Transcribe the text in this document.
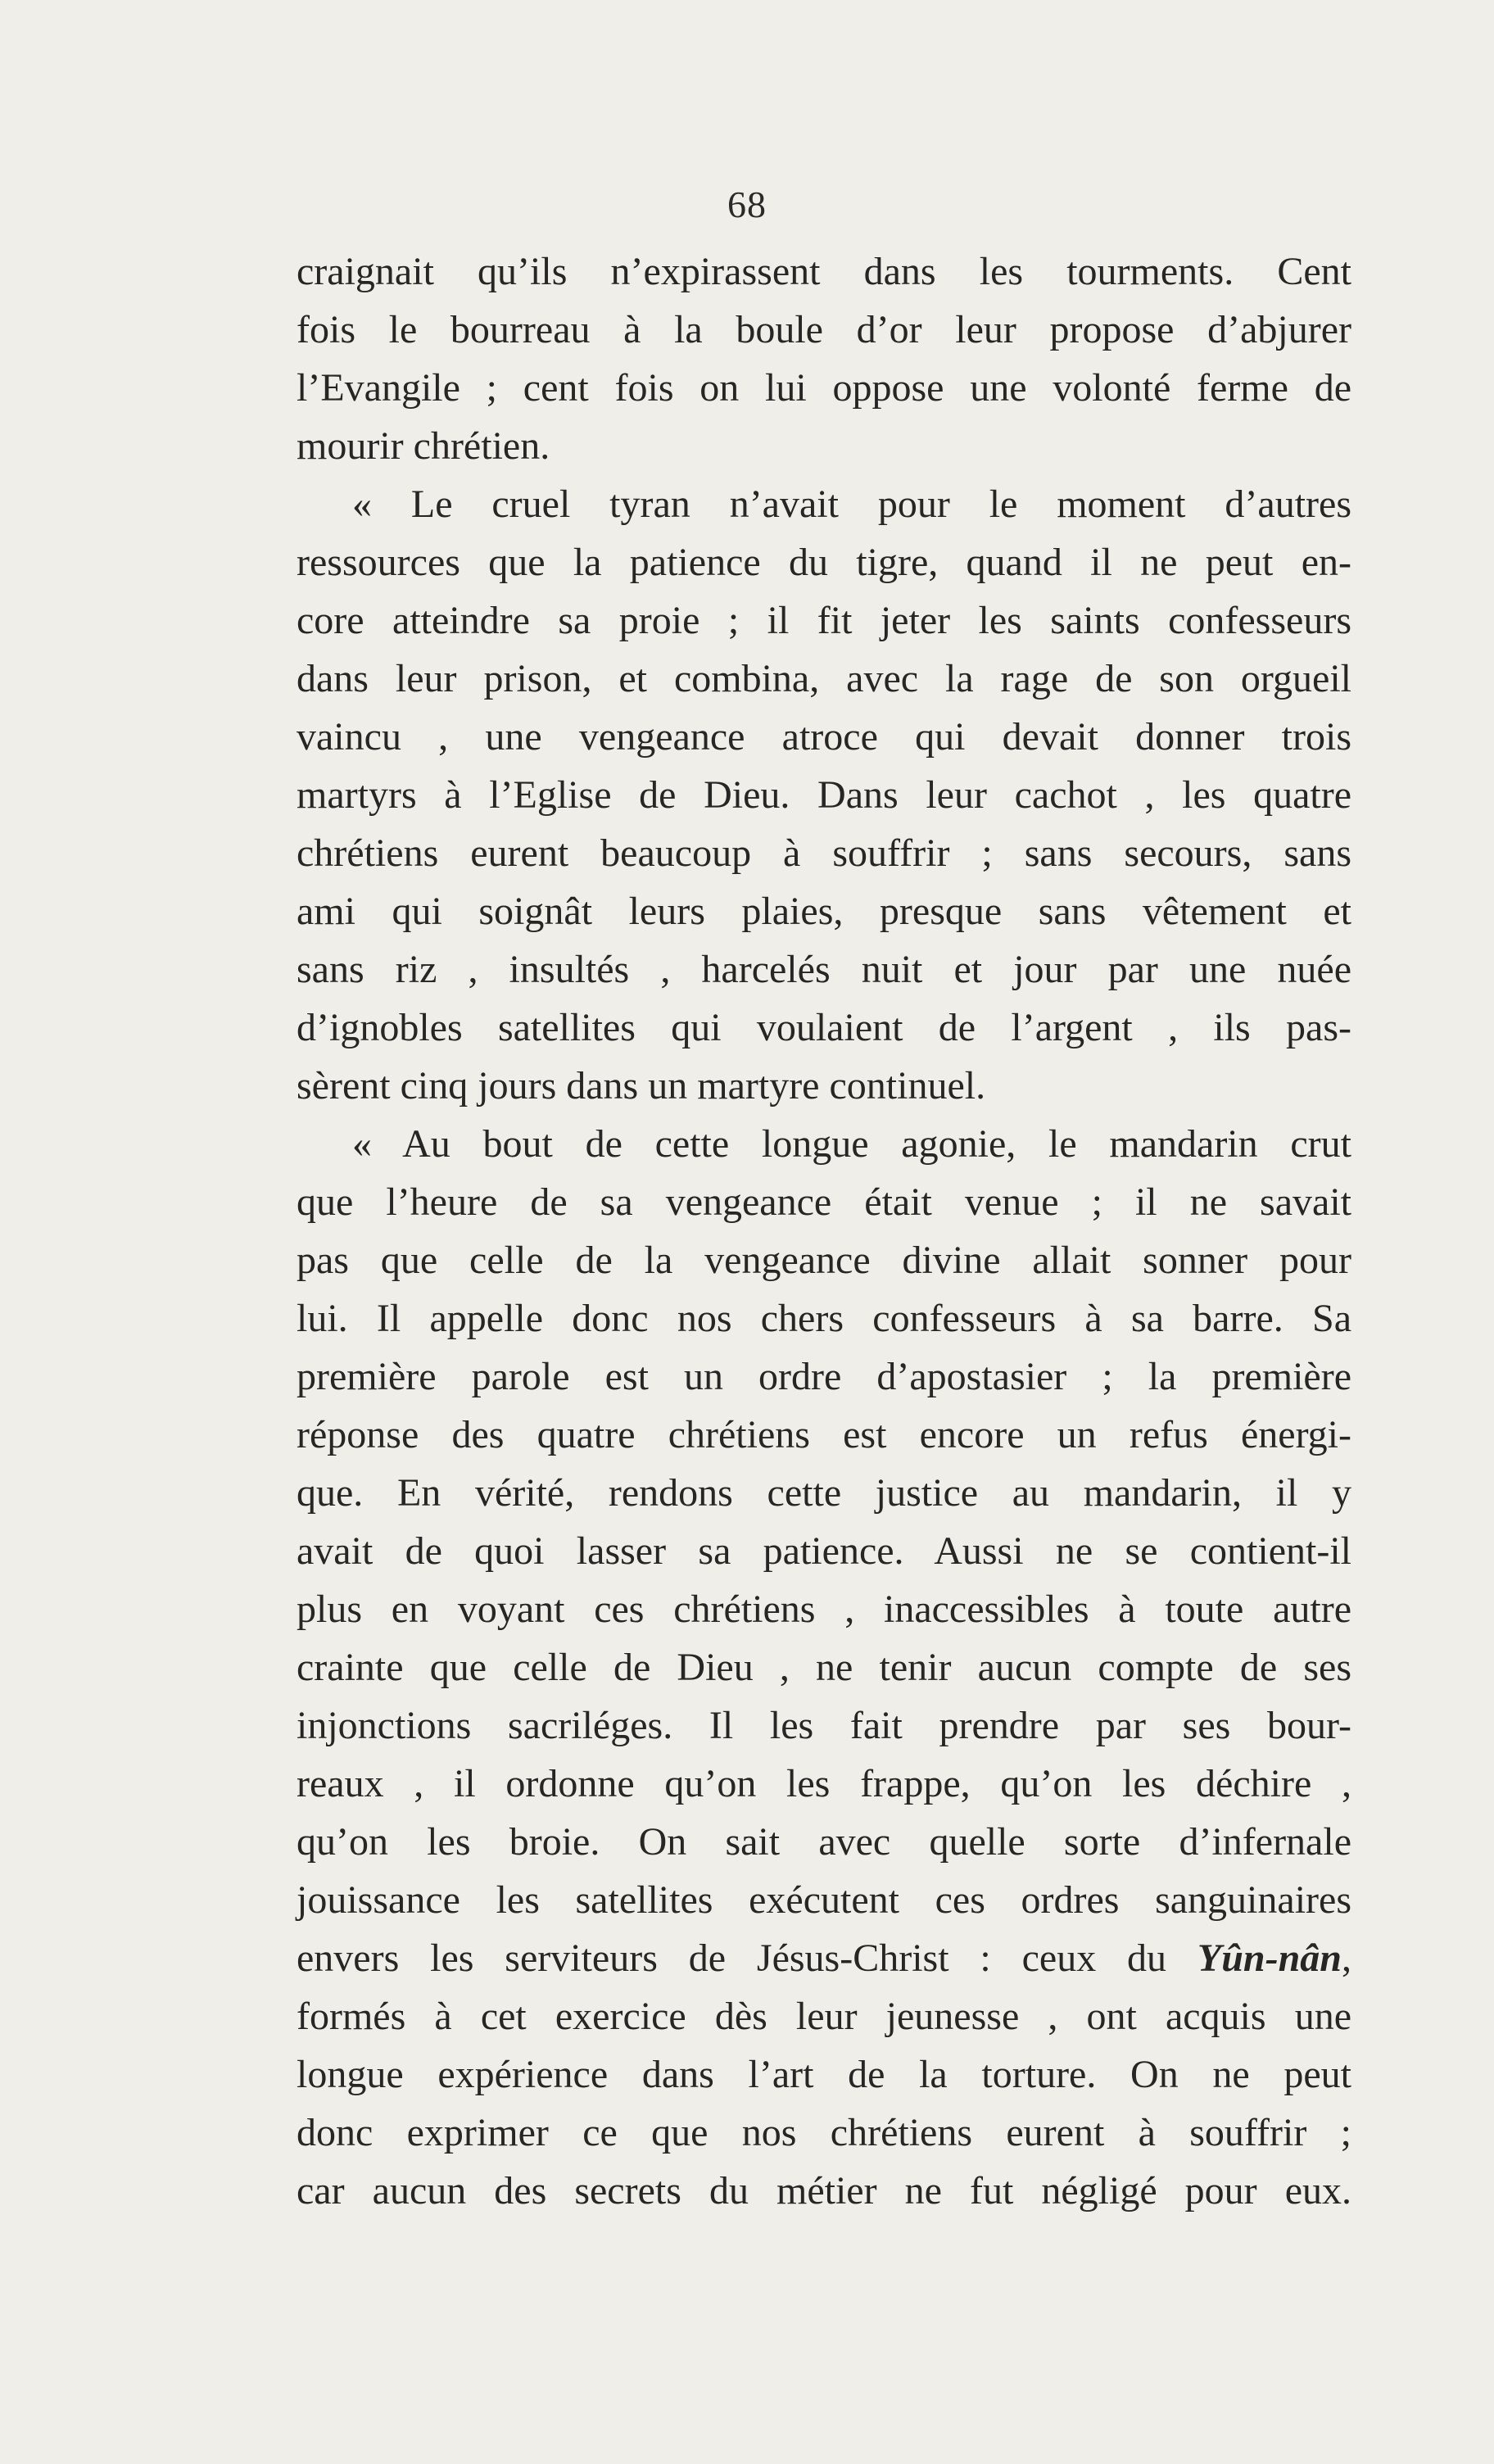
68

craignait qu’ils n’expirassent dans les tourments. Cent
fois le bourreau à la boule d’or leur propose d’abjurer
l’Evangile ; cent fois on lui oppose une volonté ferme de
mourir chrétien.

« Le cruel tyran n’avait pour le moment d’autres
ressources que la patience du tigre, quand il ne peut en-
core atteindre sa proie ; il fit jeter les saints confesseurs
dans leur prison, et combina, avec la rage de son orgueil
vaincu , une vengeance atroce qui devait donner trois
martyrs à l’Eglise de Dieu. Dans leur cachot , les quatre
chrétiens eurent beaucoup à souffrir ; sans secours, sans
ami qui soignât leurs plaies, presque sans vêtement et
sans riz , insultés , harcelés nuit et jour par une nuée
d’ignobles satellites qui voulaient de l’argent , ils pas-
sèrent cinq jours dans un martyre continuel.

« Au bout de cette longue agonie, le mandarin crut
que l’heure de sa vengeance était venue ; il ne savait
pas que celle de la vengeance divine allait sonner pour
lui. Il appelle donc nos chers confesseurs à sa barre. Sa
première parole est un ordre d’apostasier ; la première
réponse des quatre chrétiens est encore un refus énergi-
que. En vérité, rendons cette justice au mandarin, il y
avait de quoi lasser sa patience. Aussi ne se contient-il
plus en voyant ces chrétiens , inaccessibles à toute autre
crainte que celle de Dieu , ne tenir aucun compte de ses
injonctions sacriléges. Il les fait prendre par ses bour-
reaux , il ordonne qu’on les frappe, qu’on les déchire ,
qu’on les broie. On sait avec quelle sorte d’infernale
jouissance les satellites exécutent ces ordres sanguinaires
envers les serviteurs de Jésus-Christ : ceux du Yûn-nân,
formés à cet exercice dès leur jeunesse , ont acquis une
longue expérience dans l’art de la torture. On ne peut
donc exprimer ce que nos chrétiens eurent à souffrir ;
car aucun des secrets du métier ne fut négligé pour eux.
